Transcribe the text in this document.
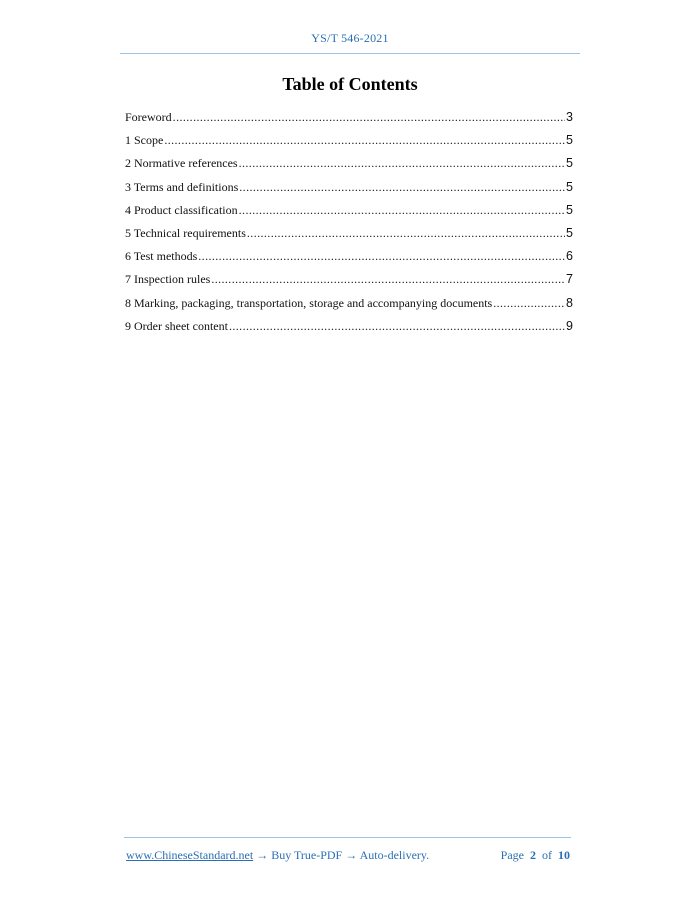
YS/T 546-2021
Table of Contents
Foreword .....	3
1 Scope .....	5
2 Normative references .....	5
3 Terms and definitions .....	5
4 Product classification .....	5
5 Technical requirements .....	5
6 Test methods .....	6
7 Inspection rules .....	7
8 Marking, packaging, transportation, storage and accompanying documents .....	8
9 Order sheet content .....	9
www.ChineseStandard.net → Buy True-PDF → Auto-delivery.	Page 2 of 10
